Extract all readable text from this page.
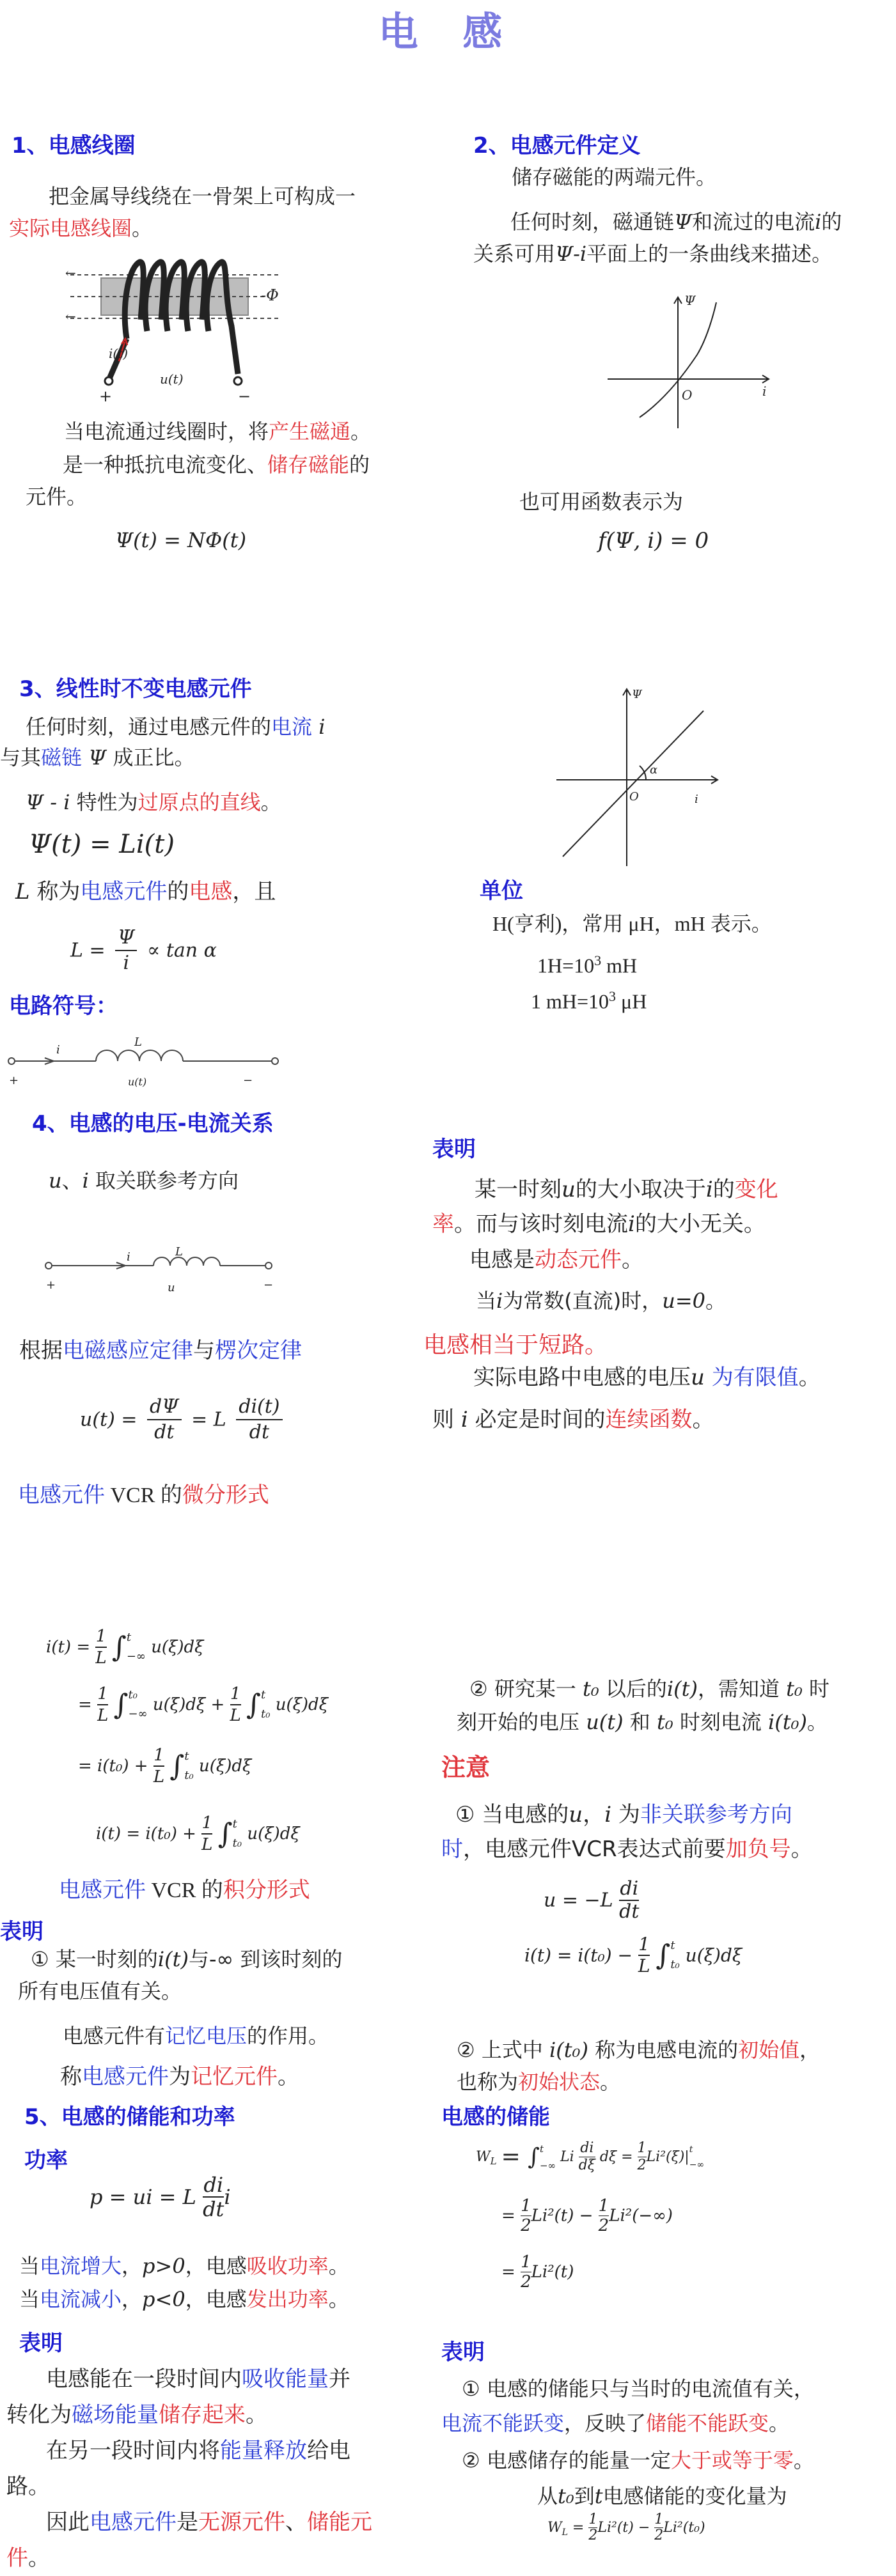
电 感
1、电感线圈
把金属导线绕在一骨架上可构成一
实际电感线圈。
←
←
-Φ
i(t)
u(t)
+	−
当电流通过线圈时，将产生磁通。
是一种抵抗电流变化、储存磁能的
元件。
Ψ(t) = NΦ(t)
2、电感元件定义
储存磁能的两端元件。
任何时刻，磁通链Ψ和流过的电流i的
关系可用Ψ-i平面上的一条曲线来描述。
Ψ
O	i
也可用函数表示为
f(Ψ, i) = 0
3、线性时不变电感元件
任何时刻，通过电感元件的电流 i
与其磁链 Ψ 成正比。
Ψ - i 特性为过原点的直线。
Ψ(t) = Li(t)
L 称为电感元件的电感，且
$L = \frac{\Psi}{i} \propto \tan \alpha$
Ψ
O	i
α
单位
H(亨利)，常用 μH，mH 表示。
$1H=10^3$ mH
1 $mH=10^3$ μH
电路符号：
i
L
u(t)
+	−
4、电感的电压-电流关系
u、i 取关联参考方向
i	L
u
+	−
根据电磁感应定律与楞次定律
$u(t) = \frac{d\Psi}{dt} = L \frac{di(t)}{dt}$
电感元件 VCR 的微分形式
表明
某一时刻u的大小取决于i的变化
率。而与该时刻电流i的大小无关。
电感是动态元件。
当i为常数(直流)时，u=0。
电感相当于短路。
实际电路中电感的电压u 为有限值。
则 i 必定是时间的连续函数。
$i(t) = \frac{1}{L}$ ∫ t
−∞ u(ξ)dξ
= $\frac{1}{L}$ ∫ t₀
−∞ $u(\xi)d\xi + \frac{1}{L}$ ∫ t
t₀ u(ξ)dξ
= $i(t_0) + \frac{1}{L}$ ∫ t
t₀ u(ξ)dξ
$i(t) = i(t_0) + \frac{1}{L}$ ∫ t
t₀ u(ξ)dξ
电感元件 VCR 的积分形式
表明
① 某一时刻的i(t)与-∞ 到该时刻的
所有电压值有关。
电感元件有记忆电压的作用。
称电感元件为记忆元件。
② 研究某一 t₀ 以后的i(t)，需知道 t₀ 时
刻开始的电压 u(t) 和 t₀ 时刻电流 i(t₀)。
注意
① 当电感的u，i 为非关联参考方向
时，电感元件VCR表达式前要加负号。
$u = -L \frac{di}{dt}$
$i(t) = i(t_0) - \frac{1}{L}$ ∫ t
t₀ u(ξ)dξ
② 上式中 i(t₀) 称为电感电流的初始值，
也称为初始状态。
5、电感的储能和功率
功率
p = ui = L $\frac{di}{dt}$ i
当电流增大，p>0，电感吸收功率。
当电流减小，p<0，电感发出功率。
表明
电感能在一段时间内吸收能量并
转化为磁场能量储存起来。
在另一段时间内将能量释放给电
路。
因此电感元件是无源元件、储能元
件。
电感的储能
$W_L$ = ∫ t
−∞
Li $\frac{di}{d\xi}$ $d\xi = \frac{1}{2} Li^2(\xi)|$ t
−∞
= $\frac{1}{2} Li^2(t) - \frac{1}{2} Li^2(-\infty)$
= $\frac{1}{2} Li^2(t)$
表明
① 电感的储能只与当时的电流值有关，
电流不能跃变，反映了储能不能跃变。
② 电感储存的能量一定大于或等于零。
从t₀到t电感储能的变化量为
$W_L = \frac{1}{2} Li^2(t) - \frac{1}{2} Li^2(t_0)$
